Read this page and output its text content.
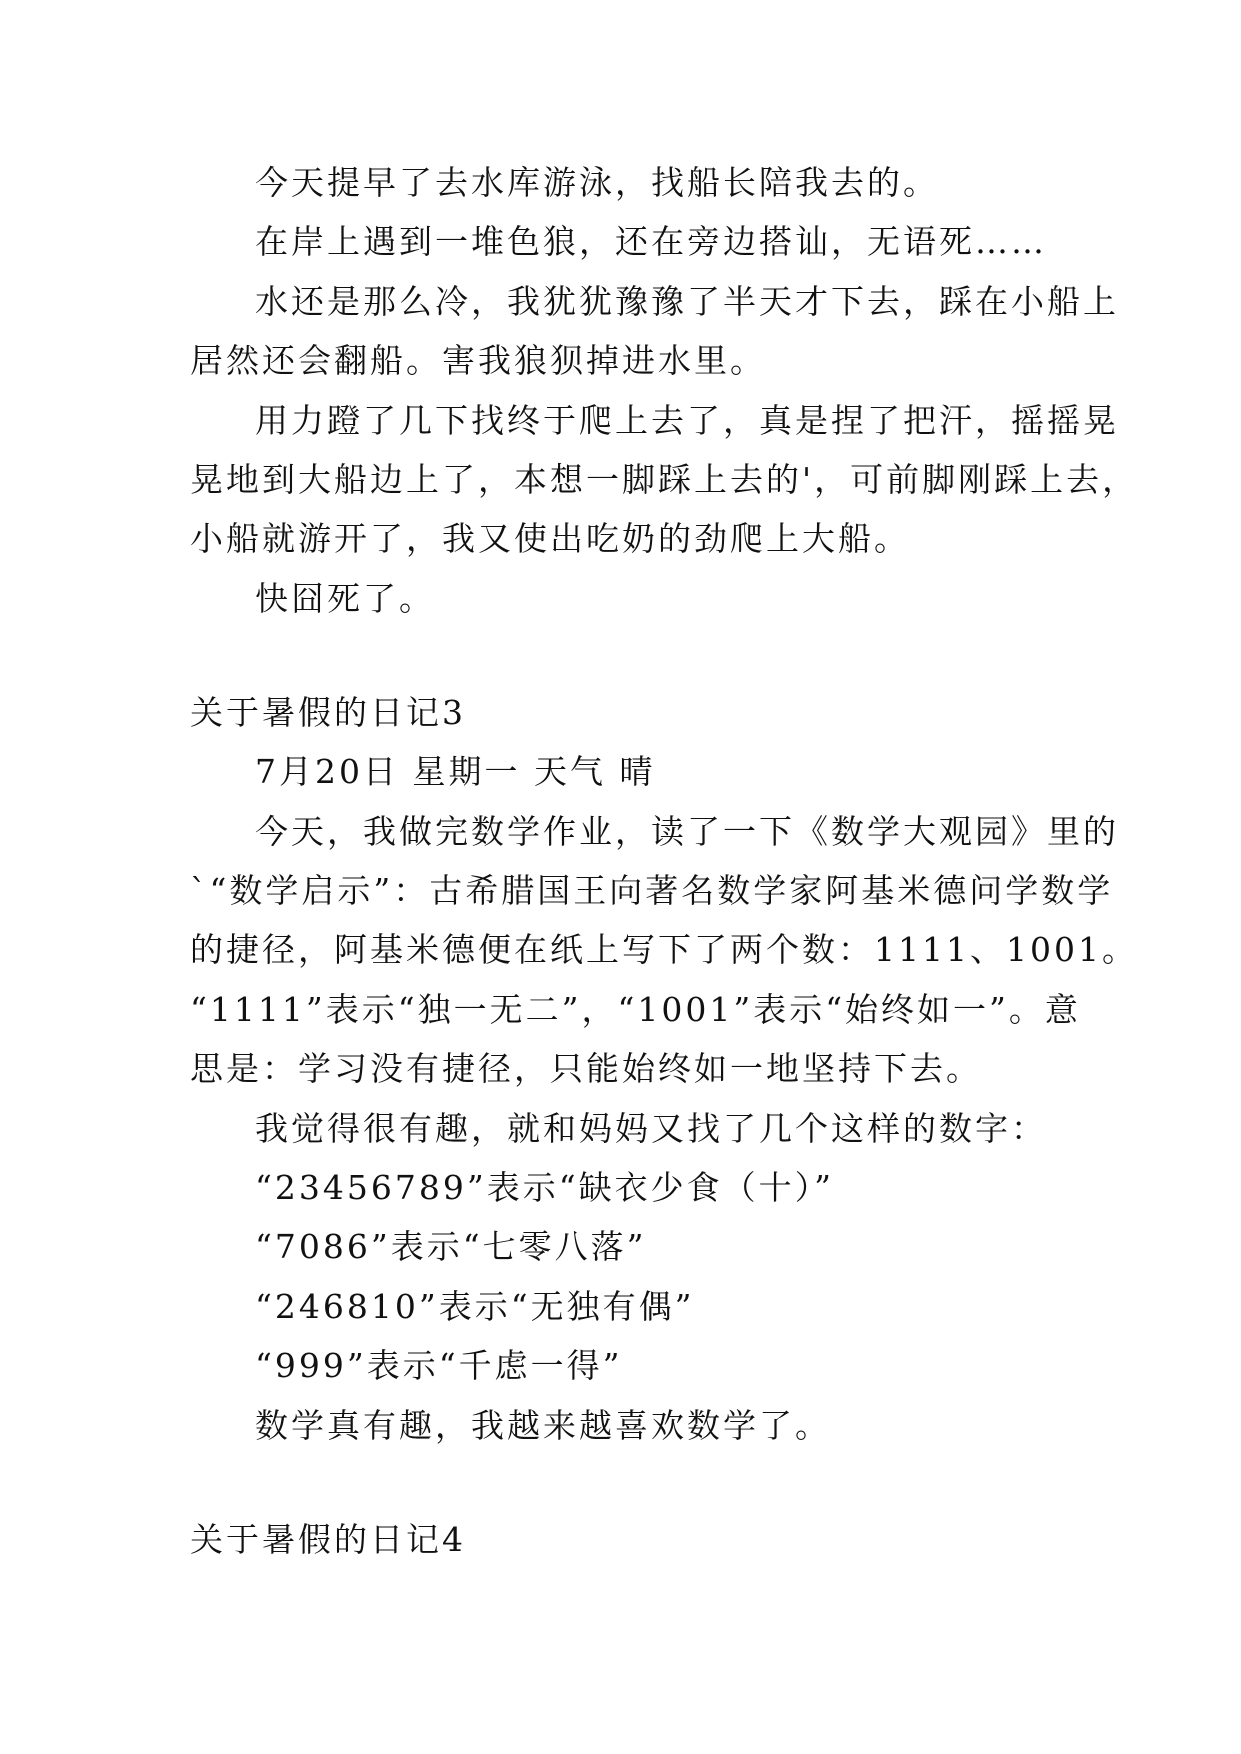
今天提早了去水库游泳，找船长陪我去的。

在岸上遇到一堆色狼，还在旁边搭讪，无语死……

水还是那么冷，我犹犹豫豫了半天才下去，踩在小船上

居然还会翻船。害我狼狈掉进水里。

用力蹬了几下找终于爬上去了，真是捏了把汗，摇摇晃

晃地到大船边上了，本想一脚踩上去的'，可前脚刚踩上去，

小船就游开了，我又使出吃奶的劲爬上大船。

快囧死了。

关于暑假的日记3

7月20日 星期一 天气 晴

今天，我做完数学作业，读了一下《数学大观园》里的

`“数学启示”：古希腊国王向著名数学家阿基米德问学数学

的捷径，阿基米德便在纸上写下了两个数：1111、1001。

“1111”表示“独一无二”，“1001”表示“始终如一”。意

思是：学习没有捷径，只能始终如一地坚持下去。

我觉得很有趣，就和妈妈又找了几个这样的数字：

“23456789”表示“缺衣少食（十）”

“7086”表示“七零八落”

“246810”表示“无独有偶”

“999”表示“千虑一得”

数学真有趣，我越来越喜欢数学了。

关于暑假的日记4
